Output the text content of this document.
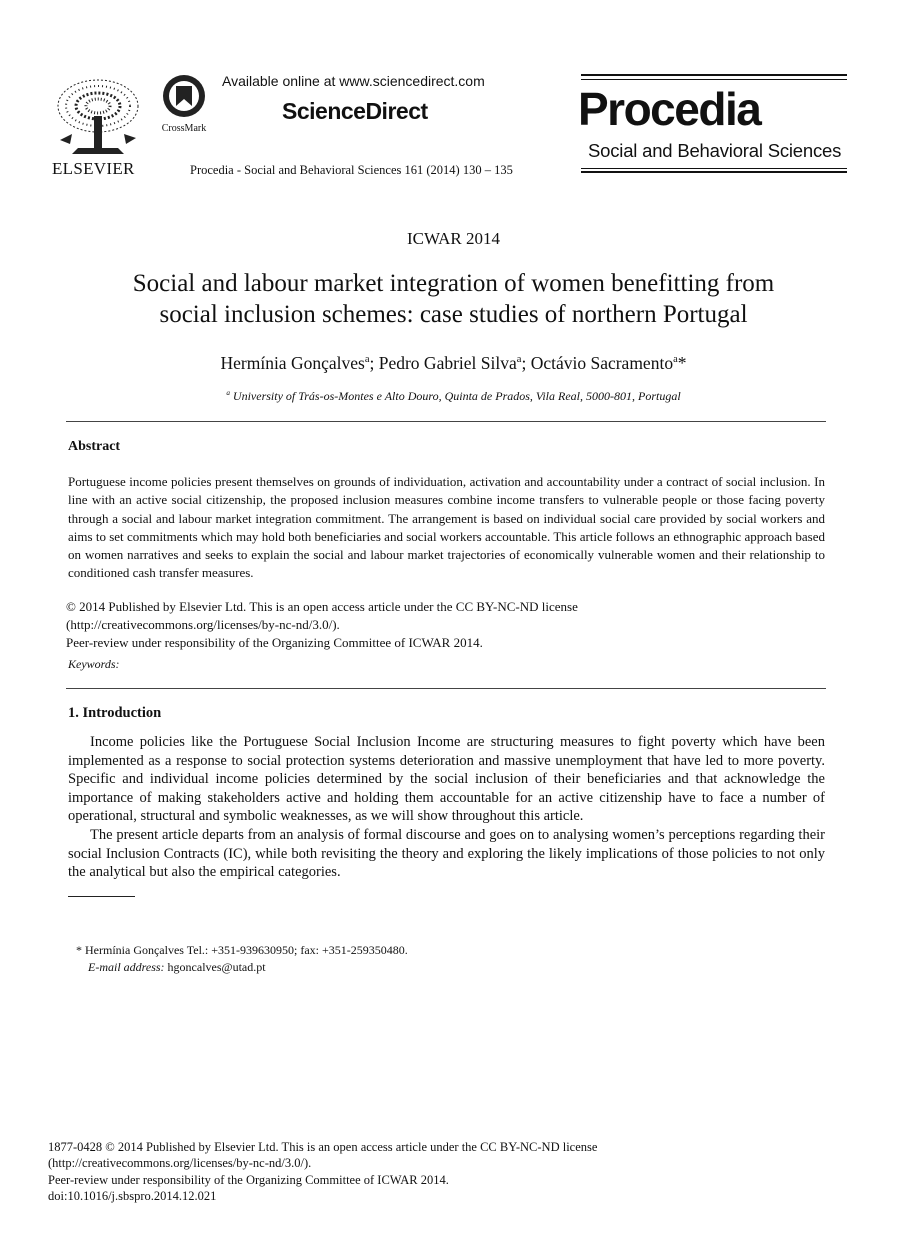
ELSEVIER
CrossMark
Available online at www.sciencedirect.com
ScienceDirect
Procedia - Social and Behavioral Sciences 161 (2014) 130 – 135
Procedia
Social and Behavioral Sciences
ICWAR 2014
Social and labour market integration of women benefitting from
social inclusion schemes: case studies of northern Portugal
Hermínia Gonçalves$^a$; Pedro Gabriel Silva$^a$; Octávio Sacramento$^a$*
$^a$ University of Trás-os-Montes e Alto Douro, Quinta de Prados, Vila Real, 5000-801, Portugal
Abstract
Portuguese income policies present themselves on grounds of individuation, activation and accountability under a contract of social inclusion. In line with an active social citizenship, the proposed inclusion measures combine income transfers to vulnerable people or those facing poverty through a social and labour market integration commitment. The arrangement is based on individual social care provided by social workers and aims to set commitments which may hold both beneficiaries and social workers accountable. This article follows an ethnographic approach based on women narratives and seeks to explain the social and labour market trajectories of economically vulnerable women and their relationship to conditioned cash transfer measures.
© 2014 Published by Elsevier Ltd. This is an open access article under the CC BY-NC-ND license
(http://creativecommons.org/licenses/by-nc-nd/3.0/).
Peer-review under responsibility of the Organizing Committee of ICWAR 2014.
Keywords:
1. Introduction

Income policies like the Portuguese Social Inclusion Income are structuring measures to fight poverty which have been implemented as a response to social protection systems deterioration and massive unemployment that have led to more poverty. Specific and individual income policies determined by the social inclusion of their beneficiaries and that acknowledge the importance of making stakeholders active and holding them accountable for an active citizenship have to face a number of operational, structural and symbolic weaknesses, as we will show throughout this article.

The present article departs from an analysis of formal discourse and goes on to analysing women’s perceptions regarding their social Inclusion Contracts (IC), while both revisiting the theory and exploring the likely implications of those policies to not only the analytical but also the empirical categories.

* Hermínia Gonçalves Tel.: +351-939630950; fax: +351-259350480.
E-mail address: hgoncalves@utad.pt
1877-0428 © 2014 Published by Elsevier Ltd. This is an open access article under the CC BY-NC-ND license
(http://creativecommons.org/licenses/by-nc-nd/3.0/).
Peer-review under responsibility of the Organizing Committee of ICWAR 2014.
doi:10.1016/j.sbspro.2014.12.021
